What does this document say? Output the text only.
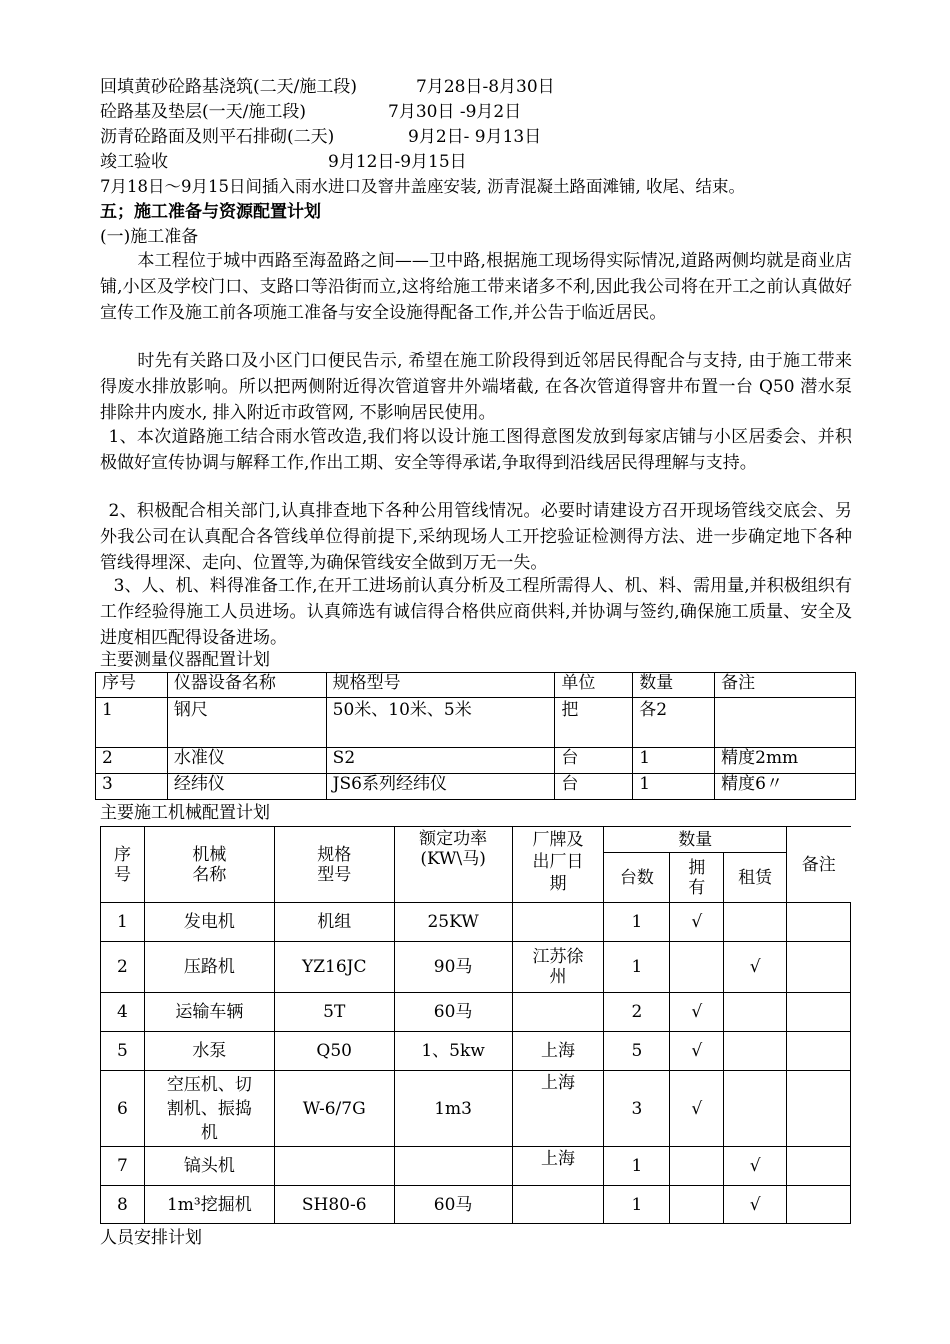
回填黄砂砼路基浇筑(二天/施工段)	7月28日-8月30日
砼路基及垫层(一天/施工段)	7月30日 -9月2日
沥青砼路面及则平石排砌(二天)	9月2日- 9月13日
竣工验收	9月12日-9月15日
7月18日～9月15日间插入雨水进口及窨井盖座安装, 沥青混凝土路面滩铺, 收尾、结束。
五；施工准备与资源配置计划
(一)施工准备
本工程位于城中西路至海盈路之间——卫中路,根据施工现场得实际情况,道路两侧均就是商业店铺,小区及学校门口、支路口等沿街而立,这将给施工带来诸多不利,因此我公司将在开工之前认真做好宣传工作及施工前各项施工准备与安全设施得配备工作,并公告于临近居民。
时先有关路口及小区门口便民告示, 希望在施工阶段得到近邻居民得配合与支持, 由于施工带来得废水排放影响。所以把两侧附近得次管道窨井外端堵截, 在各次管道得窨井布置一台 Q50 潜水泵排除井内废水, 排入附近市政管网, 不影响居民使用。
1、本次道路施工结合雨水管改造,我们将以设计施工图得意图发放到每家店铺与小区居委会、并积极做好宣传协调与解释工作,作出工期、安全等得承诺,争取得到沿线居民得理解与支持。
2、积极配合相关部门,认真排查地下各种公用管线情况。必要时请建设方召开现场管线交底会、另外我公司在认真配合各管线单位得前提下,采纳现场人工开挖验证检测得方法、进一步确定地下各种管线得埋深、走向、位置等,为确保管线安全做到万无一失。
3、人、机、料得准备工作,在开工进场前认真分析及工程所需得人、机、料、需用量,并积极组织有工作经验得施工人员进场。认真筛选有诚信得合格供应商供料,并协调与签约,确保施工质量、安全及进度相匹配得设备进场。
主要测量仪器配置计划
序号	仪器设备名称	规格型号	单位	数量	备注
1	钢尺	50米、10米、5米	把	各2	
2	水准仪	S2	台	1	精度2mm
3	经纬仪	JS6系列经纬仪	台	1	精度6〃
主要施工机械配置计划
序号	机械名称	规格型号	额定功率(KW\马)	厂牌及出厂日期	数量			备注
					台数	拥有	租赁	
1	发电机	机组	25KW		1	√		
2	压路机	YZ16JC	90马	江苏徐州	1		√	
4	运输车辆	5T	60马		2	√		
5	水泵	Q50	1、5kw	上海	5	√		
6	空压机、切割机、振捣机	W-6/7G	1m3	上海	3	√		
7	镐头机			上海	1		√	
8	1m³挖掘机	SH80-6	60马		1		√	
人员安排计划
